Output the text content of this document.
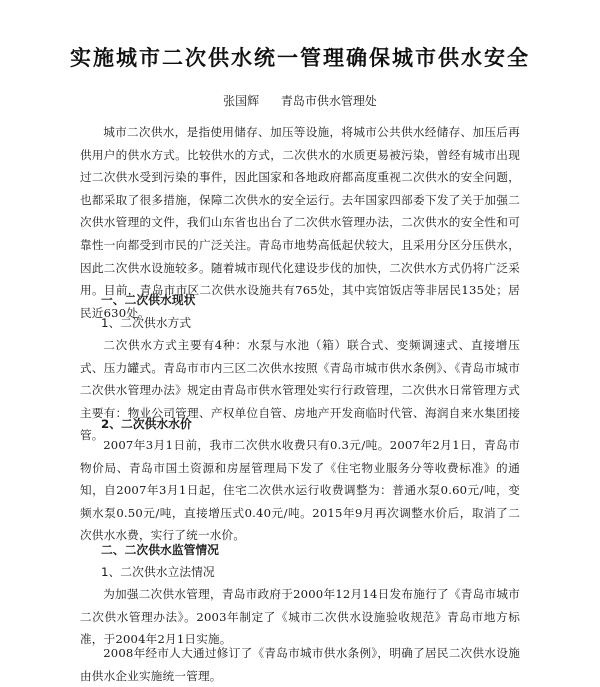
实施城市二次供水统一管理确保城市供水安全
张国辉 青岛市供水管理处
城市二次供水，是指使用储存、加压等设施，将城市公共供水经储存、加压后再供用户的供水方式。比较供水的方式，二次供水的水质更易被污染，曾经有城市出现过二次供水受到污染的事件，因此国家和各地政府都高度重视二次供水的安全问题，也都采取了很多措施，保障二次供水的安全运行。去年国家四部委下发了关于加强二次供水管理的文件，我们山东省也出台了二次供水管理办法，二次供水的安全性和可靠性一向都受到市民的广泛关注。青岛市地势高低起伏较大，且采用分区分压供水，因此二次供水设施较多。随着城市现代化建设步伐的加快，二次供水方式仍将广泛采用。目前，青岛市市区二次供水设施共有765处，其中宾馆饭店等非居民135处；居民近630处。
一、二次供水现状
1、二次供水方式
二次供水方式主要有4种：水泵与水池（箱）联合式、变频调速式、直接增压式、压力罐式。青岛市市内三区二次供水按照《青岛市城市供水条例》、《青岛市城市二次供水管理办法》规定由青岛市供水管理处实行行政管理，二次供水日常管理方式主要有：物业公司管理、产权单位自管、房地产开发商临时代管、海润自来水集团接管。
2、二次供水水价
2007年3月1日前，我市二次供水收费只有0.3元/吨。2007年2月1日，青岛市物价局、青岛市国土资源和房屋管理局下发了《住宅物业服务分等收费标准》的通知，自2007年3月1日起，住宅二次供水运行收费调整为：普通水泵0.60元/吨，变频水泵0.50元/吨，直接增压式0.40元/吨。2015年9月再次调整水价后，取消了二次供水水费，实行了统一水价。
二、二次供水监管情况
1、二次供水立法情况
为加强二次供水管理，青岛市政府于2000年12月14日发布施行了《青岛市城市二次供水管理办法》。2003年制定了《城市二次供水设施验收规范》青岛市地方标准，于2004年2月1日实施。
2008年经市人大通过修订了《青岛市城市供水条例》，明确了居民二次供水设施由供水企业实施统一管理。
